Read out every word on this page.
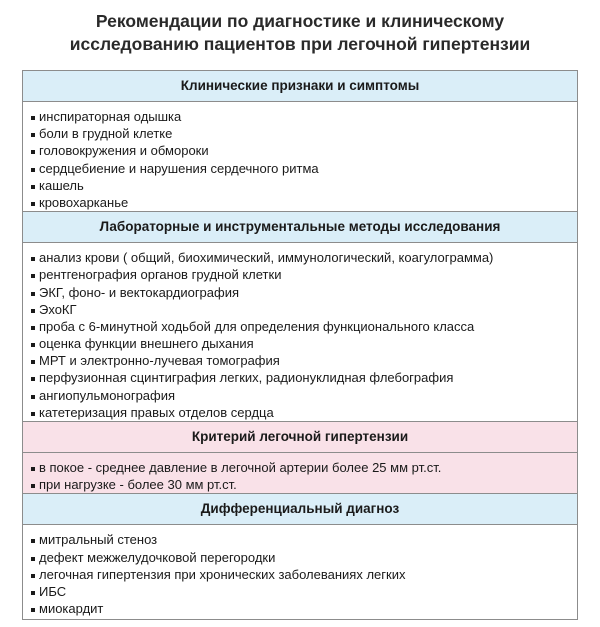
Рекомендации по диагностике и клиническому
исследованию пациентов при легочной гипертензии
Клинические признаки и симптомы
инспираторная одышка
боли в грудной клетке
головокружения и обмороки
сердцебиение и нарушения сердечного ритма
кашель
кровохарканье
Лабораторные и инструментальные методы исследования
анализ крови ( общий, биохимический, иммунологический, коагулограмма)
рентгенография органов грудной клетки
ЭКГ, фоно- и вектокардиография
ЭхоКГ
проба с 6-минутной ходьбой для определения функционального класса
оценка функции внешнего дыхания
МРТ и электронно-лучевая томография
перфузионная сцинтиграфия легких, радионуклидная флебография
ангиопульмонография
катетеризация правых отделов сердца
Критерий легочной гипертензии
в покое - среднее давление в легочной артерии более 25 мм рт.ст.
при нагрузке - более 30 мм рт.ст.
Дифференциальный диагноз
митральный стеноз
дефект межжелудочковой перегородки
легочная гипертензия при хронических заболеваниях легких
ИБС
миокардит
